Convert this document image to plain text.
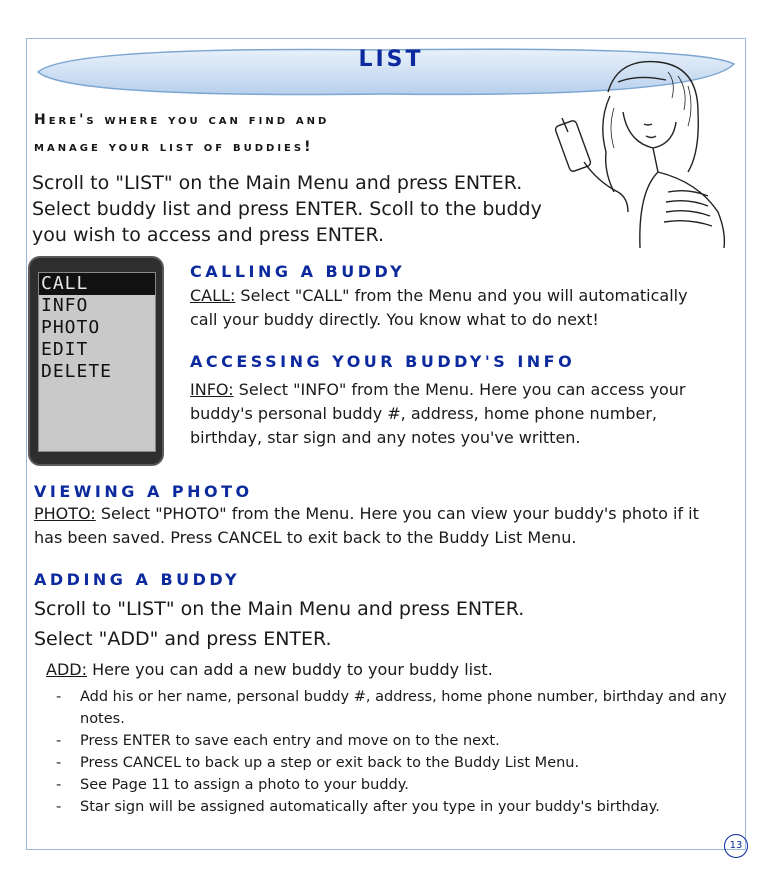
LIST
Here's where you can find and
manage your list of buddies!
Scroll to "LIST" on the Main Menu and press ENTER. Select buddy list and press ENTER. Scoll to the buddy you wish to access and press ENTER.
CALL
INFO
PHOTO
EDIT
DELETE
CALLING A BUDDY
CALL: Select "CALL" from the Menu and you will automatically call your buddy directly. You know what to do next!
ACCESSING YOUR BUDDY'S INFO
INFO: Select "INFO" from the Menu. Here you can access your buddy's personal buddy #, address, home phone number, birthday, star sign and any notes you've written.
VIEWING A PHOTO
PHOTO: Select "PHOTO" from the Menu. Here you can view your buddy's photo if it has been saved. Press CANCEL to exit back to the Buddy List Menu.
ADDING A BUDDY
Scroll to "LIST" on the Main Menu and press ENTER.
Select "ADD" and press ENTER.
ADD: Here you can add a new buddy to your buddy list.
- Add his or her name, personal buddy #, address, home phone number, birthday and any notes.
- Press ENTER to save each entry and move on to the next.
- Press CANCEL to back up a step or exit back to the Buddy List Menu.
- See Page 11 to assign a photo to your buddy.
- Star sign will be assigned automatically after you type in your buddy's birthday.
13
